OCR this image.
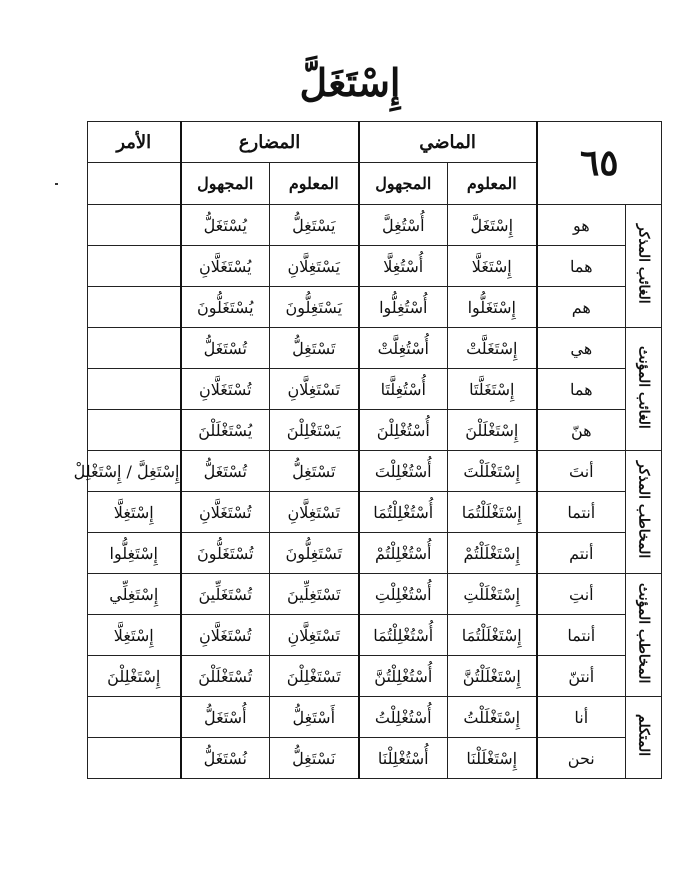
إِسْتَغَلَّ
٦٥		الماضي		المضارع		الأمر
		المعلوم	المجهول	المعلوم	المجهول	
الغائب المذكر	هو	إِسْتَغَلَّ	أُسْتُغِلَّ	يَسْتَغِلُّ	يُسْتَغَلُّ	
	هما	إِسْتَغَلَّا	أُسْتُغِلَّا	يَسْتَغِلَّانِ	يُسْتَغَلَّانِ	
	هم	إِسْتَغَلُّوا	أُسْتُغِلُّوا	يَسْتَغِلُّونَ	يُسْتَغَلُّونَ	
الغائب المؤنث	هي	إِسْتَغَلَّتْ	أُسْتُغِلَّتْ	تَسْتَغِلُّ	تُسْتَغَلُّ	
	هما	إِسْتَغَلَّتَا	أُسْتُغِلَّتَا	تَسْتَغِلَّانِ	تُسْتَغَلَّانِ	
	هنّ	إِسْتَغْلَلْنَ	أُسْتُغْلِلْنَ	يَسْتَغْلِلْنَ	يُسْتَغْلَلْنَ	
المخاطب المذكر	أنتَ	إِسْتَغْلَلْتَ	أُسْتُغْلِلْتَ	تَسْتَغِلُّ	تُسْتَغَلُّ	إِسْتَغِلَّ / إِسْتَغْلِلْ
	أنتما	إِسْتَغْلَلْتُمَا	أُسْتُغْلِلْتُمَا	تَسْتَغِلَّانِ	تُسْتَغَلَّانِ	إِسْتَغِلَّا
	أنتم	إِسْتَغْلَلْتُمْ	أُسْتُغْلِلْتُمْ	تَسْتَغِلُّونَ	تُسْتَغَلُّونَ	إِسْتَغِلُّوا
المخاطب المؤنث	أنتِ	إِسْتَغْلَلْتِ	أُسْتُغْلِلْتِ	تَسْتَغِلِّينَ	تُسْتَغَلِّينَ	إِسْتَغِلِّي
	أنتما	إِسْتَغْلَلْتُمَا	أُسْتُغْلِلْتُمَا	تَسْتَغِلَّانِ	تُسْتَغَلَّانِ	إِسْتَغِلَّا
	أنتنّ	إِسْتَغْلَلْتُنَّ	أُسْتُغْلِلْتُنَّ	تَسْتَغْلِلْنَ	تُسْتَغْلَلْنَ	إِسْتَغْلِلْنَ
المتكلم	أنا	إِسْتَغْلَلْتُ	أُسْتُغْلِلْتُ	أَسْتَغِلُّ	أُسْتَغَلُّ	
	نحن	إِسْتَغْلَلْنَا	أُسْتُغْلِلْنَا	نَسْتَغِلُّ	نُسْتَغَلُّ	
